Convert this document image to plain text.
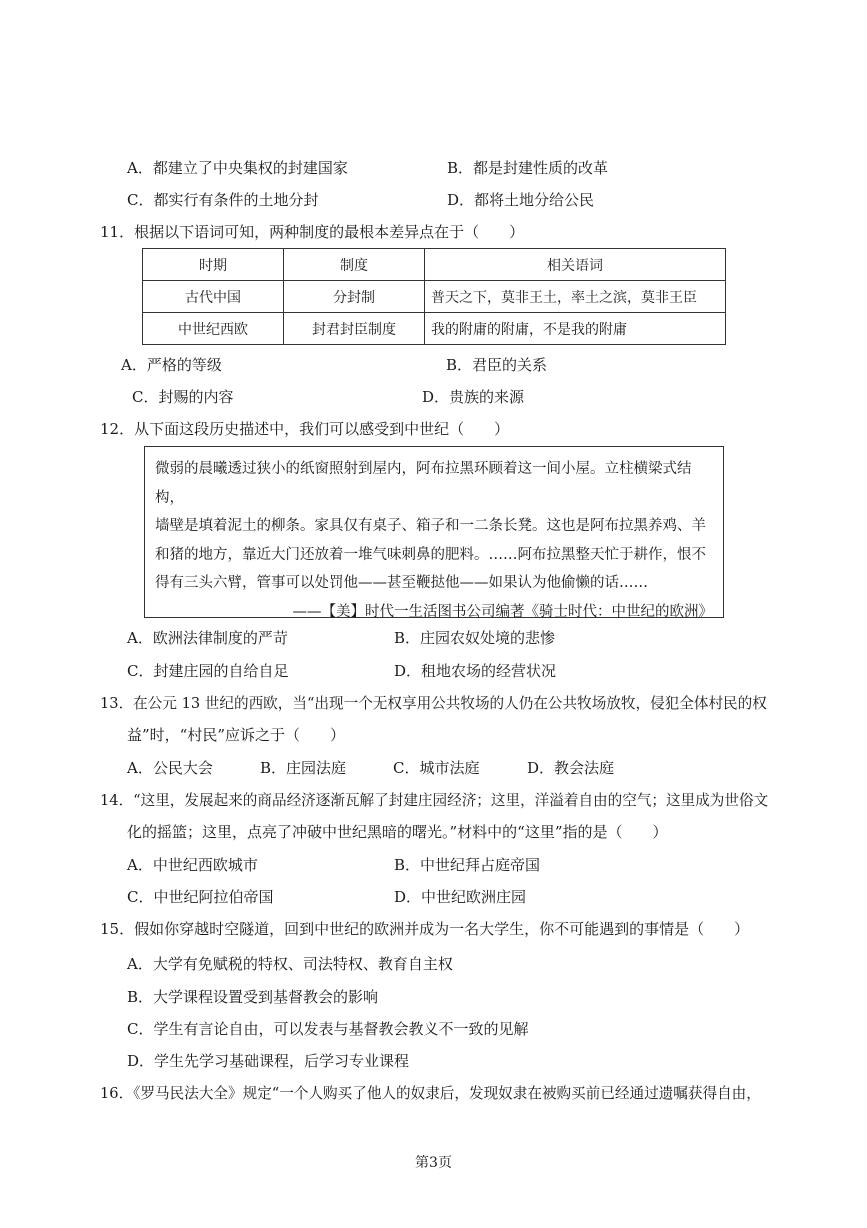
A．都建立了中央集权的封建国家	B．都是封建性质的改革
C．都实行有条件的土地分封	D．都将土地分给公民
11．根据以下语词可知，两种制度的最根本差异点在于（　　）
时期	制度	相关语词
古代中国	分封制	普天之下，莫非王土，率土之滨，莫非王臣
中世纪西欧	封君封臣制度	我的附庸的附庸，不是我的附庸
A．严格的等级	B．君臣的关系
C．封赐的内容	D．贵族的来源
12．从下面这段历史描述中，我们可以感受到中世纪（　　）
微弱的晨曦透过狭小的纸窗照射到屋内，阿布拉黑环顾着这一间小屋。立柱横梁式结构，
墙壁是填着泥土的柳条。家具仅有桌子、箱子和一二条长凳。这也是阿布拉黑养鸡、羊
和猪的地方，靠近大门还放着一堆气味刺鼻的肥料。……阿布拉黑整天忙于耕作，恨不
得有三头六臂，管事可以处罚他——甚至鞭挞他——如果认为他偷懒的话……
——【美】时代一生活图书公司编著《骑士时代：中世纪的欧洲》
A．欧洲法律制度的严苛	B．庄园农奴处境的悲惨
C．封建庄园的自给自足	D．租地农场的经营状况
13．在公元 13 世纪的西欧，当“出现一个无权享用公共牧场的人仍在公共牧场放牧，侵犯全体村民的权
益”时，“村民”应诉之于（　　）
A．公民大会	B．庄园法庭	C．城市法庭	D．教会法庭
14．“这里，发展起来的商品经济逐渐瓦解了封建庄园经济；这里，洋溢着自由的空气；这里成为世俗文
化的摇篮；这里，点亮了冲破中世纪黑暗的曙光。”材料中的“这里”指的是（　　）
A．中世纪西欧城市	B．中世纪拜占庭帝国
C．中世纪阿拉伯帝国	D．中世纪欧洲庄园
15．假如你穿越时空隧道，回到中世纪的欧洲并成为一名大学生，你不可能遇到的事情是（　　）
A．大学有免赋税的特权、司法特权、教育自主权
B．大学课程设置受到基督教会的影响
C．学生有言论自由，可以发表与基督教会教义不一致的见解
D．学生先学习基础课程，后学习专业课程
16．《罗马民法大全》规定“一个人购买了他人的奴隶后，发现奴隶在被购买前已经通过遗嘱获得自由，
第3页
